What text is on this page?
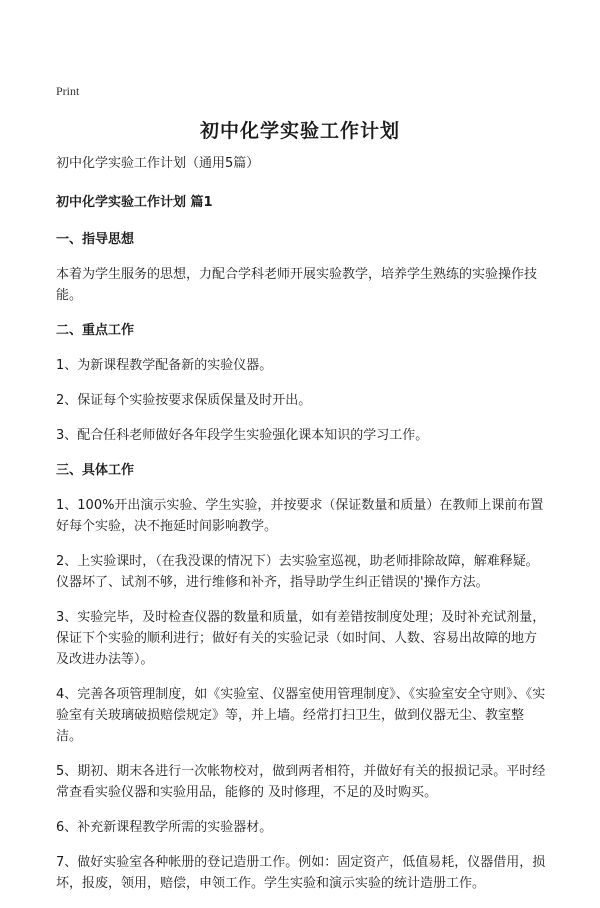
Print
初中化学实验工作计划

初中化学实验工作计划（通用5篇）

初中化学实验工作计划 篇1
一、指导思想

本着为学生服务的思想，力配合学科老师开展实验教学，培养学生熟练的实验操作技能。

二、重点工作

1、为新课程教学配备新的实验仪器。

2、保证每个实验按要求保质保量及时开出。

3、配合任科老师做好各年段学生实验强化课本知识的学习工作。

三、具体工作

1、100%开出演示实验、学生实验，并按要求（保证数量和质量）在教师上课前布置好每个实验，决不拖延时间影响教学。

2、上实验课时，（在我没课的情况下）去实验室巡视，助老师排除故障，解难释疑。仪器坏了、试剂不够，进行维修和补齐，指导助学生纠正错误的'操作方法。

3、实验完毕，及时检查仪器的数量和质量，如有差错按制度处理；及时补充试剂量，保证下个实验的顺利进行；做好有关的实验记录（如时间、人数、容易出故障的地方及改进办法等）。

4、完善各项管理制度，如《实验室、仪器室使用管理制度》、《实验室安全守则》、《实验室有关玻璃破损赔偿规定》等，并上墙。经常打扫卫生，做到仪器无尘、教室整洁。

5、期初、期末各进行一次帐物校对，做到两者相符，并做好有关的报损记录。平时经常查看实验仪器和实验用品，能修的 及时修理，不足的及时购买。

6、补充新课程教学所需的实验器材。

7、做好实验室各种帐册的登记造册工作。例如：固定资产，低值易耗，仪器借用，损坏，报废，领用，赔偿，申领工作。学生实验和演示实验的统计造册工作。
